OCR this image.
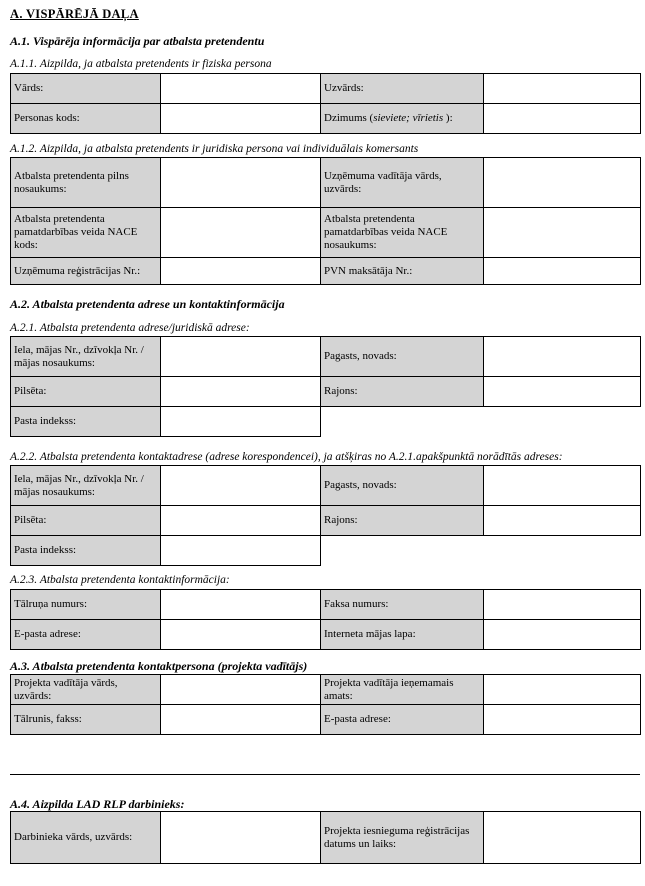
A. VISPĀRĒJĀ DAĻA
A.1. Vispārēja informācija par atbalsta pretendentu
A.1.1. Aizpilda, ja atbalsta pretendents ir fiziska persona
Vārds:		Uzvārds:	
Personas kods:		Dzimums (sieviete; vīrietis ):	
A.1.2. Aizpilda, ja atbalsta pretendents ir juridiska persona vai individuālais komersants
Atbalsta pretendenta pilns nosaukums:		Uzņēmuma vadītāja vārds, uzvārds:	
Atbalsta pretendenta pamatdarbības veida NACE kods:		Atbalsta pretendenta pamatdarbības veida NACE nosaukums:	
Uzņēmuma reģistrācijas Nr.:		PVN maksātāja Nr.:	
A.2. Atbalsta pretendenta adrese un kontaktinformācija
A.2.1. Atbalsta pretendenta adrese/juridiskā adrese:
Iela, mājas Nr., dzīvokļa Nr. / mājas nosaukums:		Pagasts, novads:	
Pilsēta:		Rajons:	
Pasta indekss:			
A.2.2. Atbalsta pretendenta kontaktadrese (adrese korespondencei), ja atšķiras no A.2.1.apakšpunktā norādītās adreses:
Iela, mājas Nr., dzīvokļa Nr. / mājas nosaukums:		Pagasts, novads:	
Pilsēta:		Rajons:	
Pasta indekss:			
A.2.3. Atbalsta pretendenta kontaktinformācija:
Tālruņa numurs:		Faksa numurs:	
E-pasta adrese:		Interneta mājas lapa:	
A.3. Atbalsta pretendenta kontaktpersona (projekta vadītājs)
Projekta vadītāja vārds, uzvārds:		Projekta vadītāja ieņemamais amats:	
Tālrunis, fakss:		E-pasta adrese:	
A.4. Aizpilda LAD RLP darbinieks:
Darbinieka vārds, uzvārds:		Projekta iesnieguma reģistrācijas datums un laiks:	
